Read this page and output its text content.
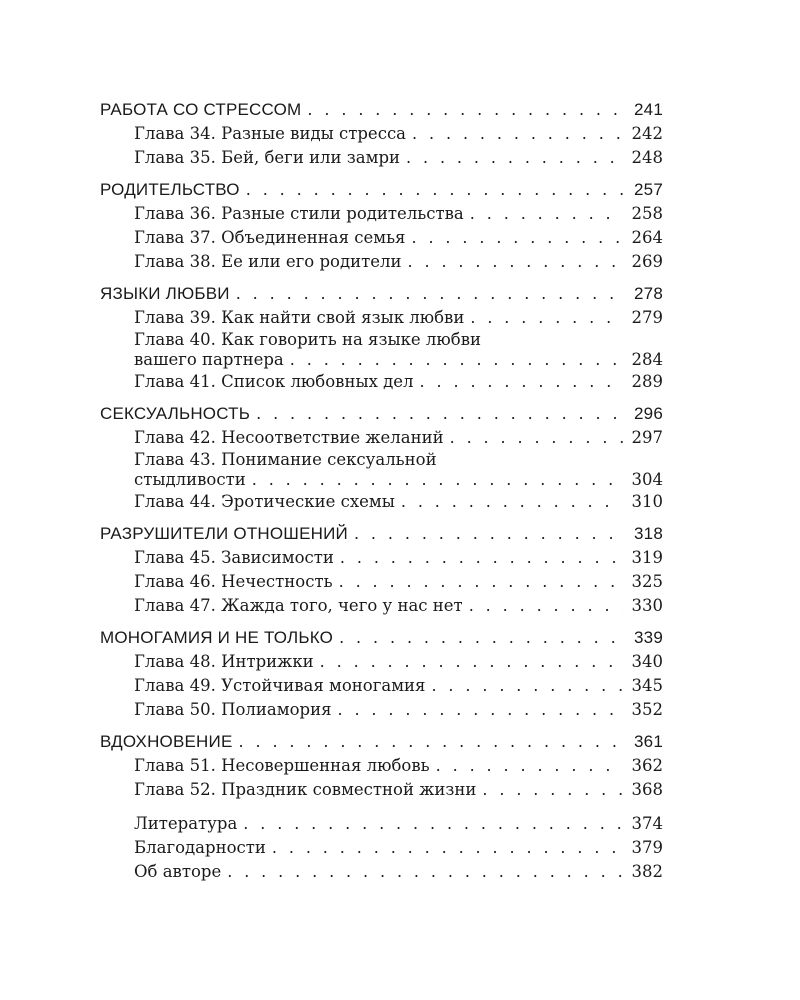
РАБОТА СО СТРЕССОМ . . .	241
Глава 34. Разные виды стресса . . .	242
Глава 35. Бей, беги или замри . . .	248
РОДИТЕЛЬСТВО . . .	257
Глава 36. Разные стили родительства . . .	258
Глава 37. Объединенная семья . . .	264
Глава 38. Ее или его родители . . .	269
ЯЗЫКИ ЛЮБВИ . . .	278
Глава 39. Как найти свой язык любви . . .	279
Глава 40. Как говорить на языке любви
вашего партнера . . .	284
Глава 41. Список любовных дел . . .	289
СЕКСУАЛЬНОСТЬ . . .	296
Глава 42. Несоответствие желаний . . .	297
Глава 43. Понимание сексуальной
стыдливости . . .	304
Глава 44. Эротические схемы . . .	310
РАЗРУШИТЕЛИ ОТНОШЕНИЙ . . .	318
Глава 45. Зависимости . . .	319
Глава 46. Нечестность . . .	325
Глава 47. Жажда того, чего у нас нет . . .	330
МОНОГАМИЯ И НЕ ТОЛЬКО . . .	339
Глава 48. Интрижки . . .	340
Глава 49. Устойчивая моногамия . . .	345
Глава 50. Полиамория . . .	352
ВДОХНОВЕНИЕ . . .	361
Глава 51. Несовершенная любовь . . .	362
Глава 52. Праздник совместной жизни . . .	368
Литература . . .	374
Благодарности . . .	379
Об авторе . . .	382
